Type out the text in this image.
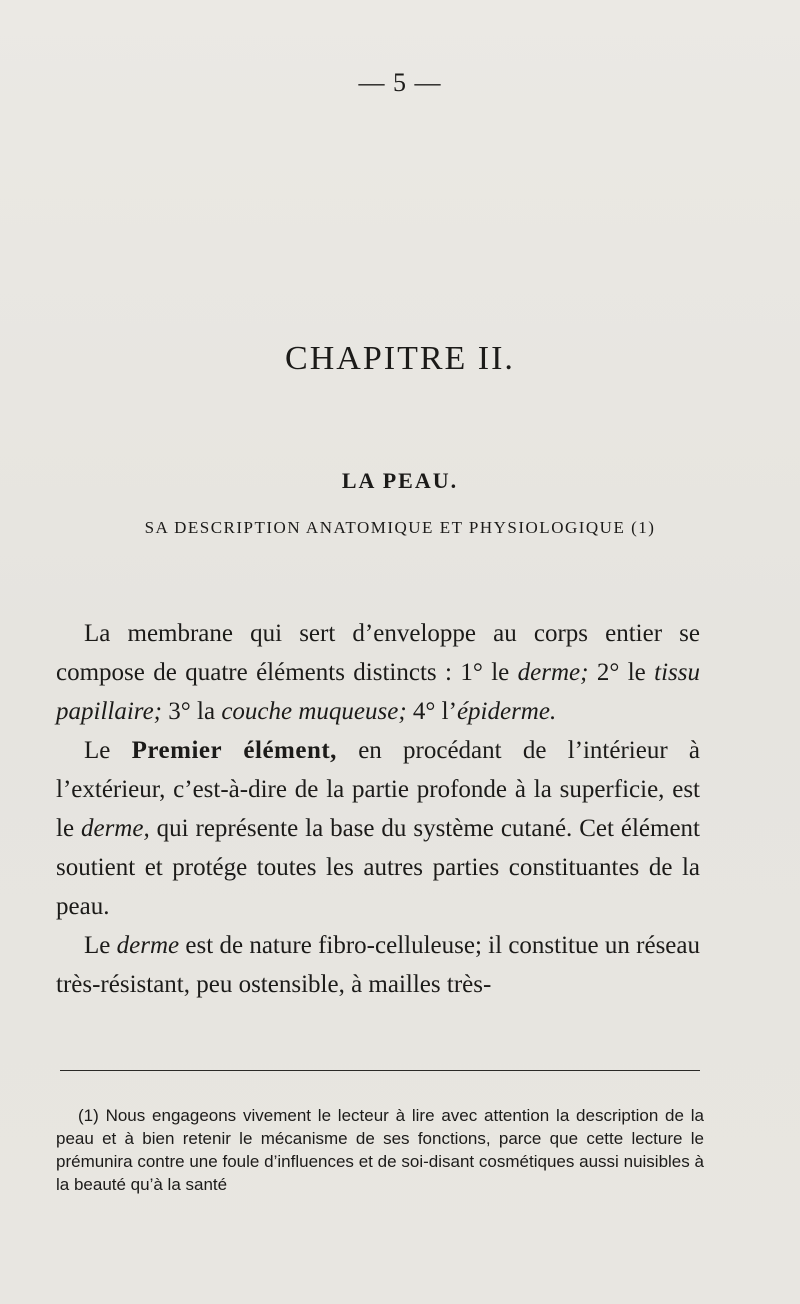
— 5 —
CHAPITRE II.
LA PEAU.
SA DESCRIPTION ANATOMIQUE ET PHYSIOLOGIQUE (1)

La membrane qui sert d’enveloppe au corps entier se compose de quatre éléments distincts : 1° le derme; 2° le tissu papillaire; 3° la couche muqueuse; 4° l’épiderme.

Le Premier élément, en procédant de l’intérieur à l’extérieur, c’est-à-dire de la partie profonde à la superficie, est le derme, qui représente la base du système cutané. Cet élément soutient et protége toutes les autres parties constituantes de la peau.

Le derme est de nature fibro-celluleuse; il constitue un réseau très-résistant, peu ostensible, à mailles très-

(1) Nous engageons vivement le lecteur à lire avec attention la description de la peau et à bien retenir le mécanisme de ses fonctions, parce que cette lecture le prémunira contre une foule d’influences et de soi-disant cosmétiques aussi nuisibles à la beauté qu’à la santé
